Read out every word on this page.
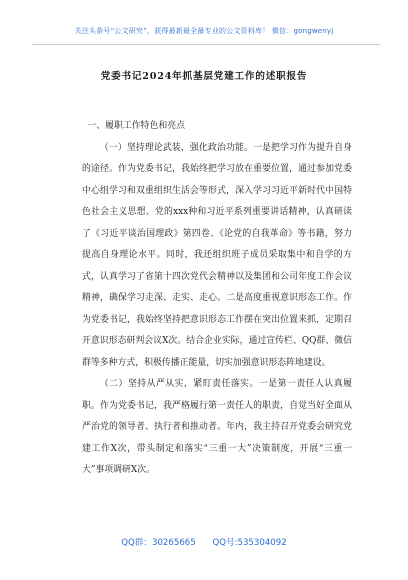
关注头条号“公文研究”，获得最新最全最专业的公文资料库！ 微信：gongwenyj
党委书记2024年抓基层党建工作的述职报告

一、履职工作特色和亮点

（一）坚持理论武装，强化政治功能。一是把学习作为提升自身的途径。作为党委书记，我始终把学习放在重要位置，通过参加党委中心组学习和双重组织生活会等形式，深入学习习近平新时代中国特色社会主义思想、党的xxx种和习近平系列重要讲话精神，认真研读了《习近平谈治国理政》第四卷、《论党的自我革命》等书籍，努力提高自身理论水平。同时，我还组织班子成员采取集中和自学的方式，认真学习了省第十四次党代会精神以及集团和公司年度工作会议精神，确保学习走深、走实、走心。二是高度重视意识形态工作。作为党委书记，我始终坚持把意识形态工作摆在突出位置来抓，定期召开意识形态研判会议X次。结合企业实际，通过宣传栏、QQ群、微信群等多种方式，积极传播正能量，切实加强意识形态阵地建设。

（二）坚持从严从实，紧盯责任落实。一是第一责任人认真履职。作为党委书记，我严格履行第一责任人的职责，自觉当好全面从严治党的领导者、执行者和推动者。年内，我主持召开党委会研究党建工作X次，带头制定和落实“三重一大”决策制度，开展“三重一大”事项调研X次。

QQ群：30265665 QQ号:535304092
